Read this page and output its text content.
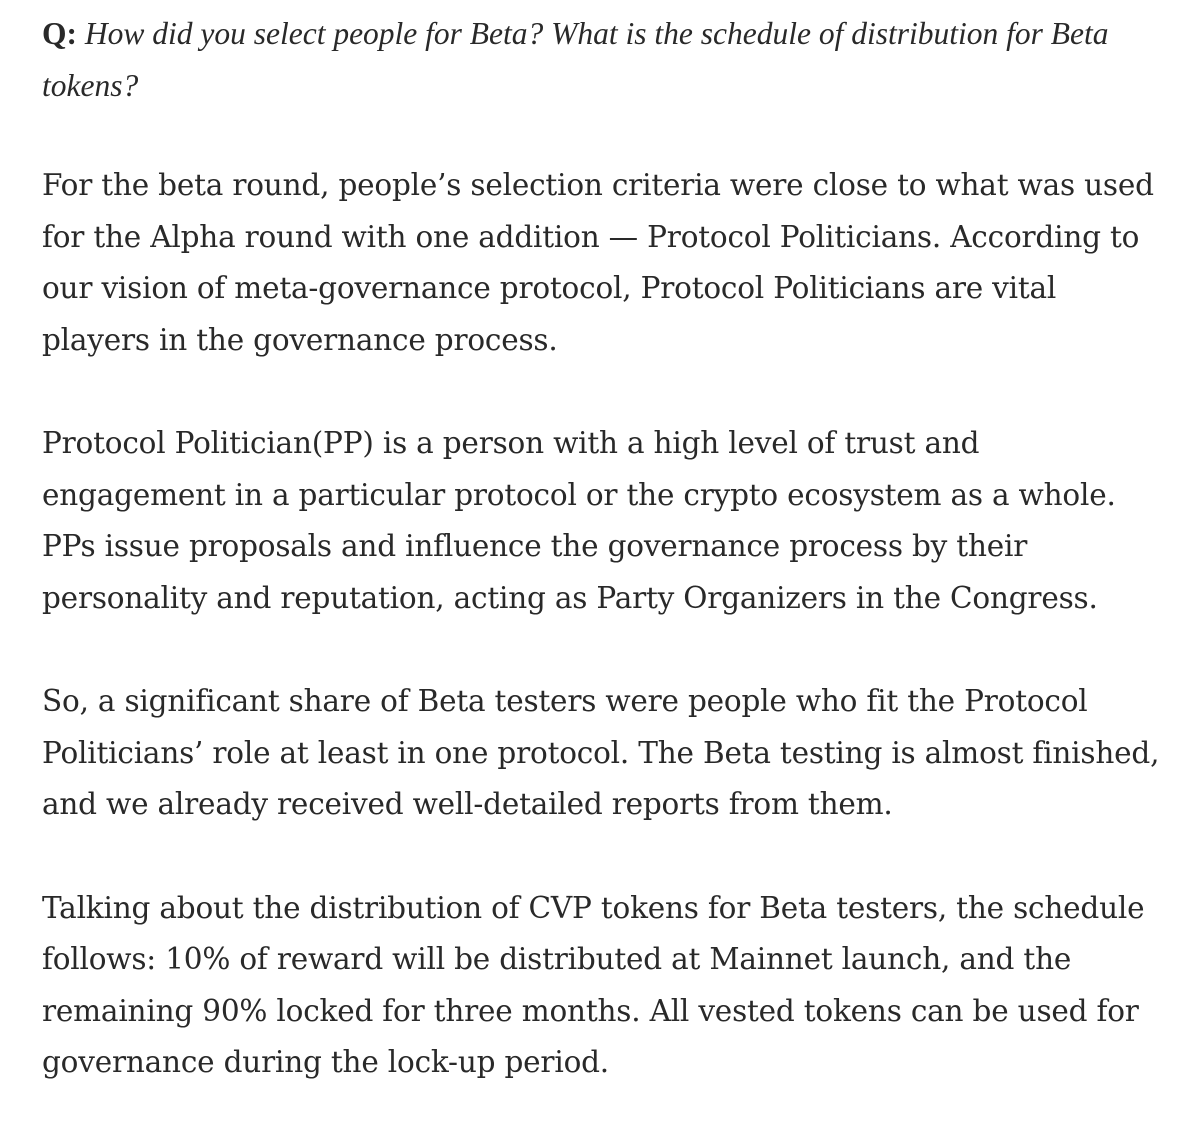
Q: How did you select people for Beta? What is the schedule of distribution for Beta tokens?

For the beta round, people’s selection criteria were close to what was used for the Alpha round with one addition — Protocol Politicians. According to our vision of meta-governance protocol, Protocol Politicians are vital players in the governance process.

Protocol Politician(PP) is a person with a high level of trust and engagement in a particular protocol or the crypto ecosystem as a whole. PPs issue proposals and influence the governance process by their personality and reputation, acting as Party Organizers in the Congress.

So, a significant share of Beta testers were people who fit the Protocol Politicians’ role at least in one protocol. The Beta testing is almost finished, and we already received well-detailed reports from them.

Talking about the distribution of CVP tokens for Beta testers, the schedule follows: 10% of reward will be distributed at Mainnet launch, and the remaining 90% locked for three months. All vested tokens can be used for governance during the lock-up period.
